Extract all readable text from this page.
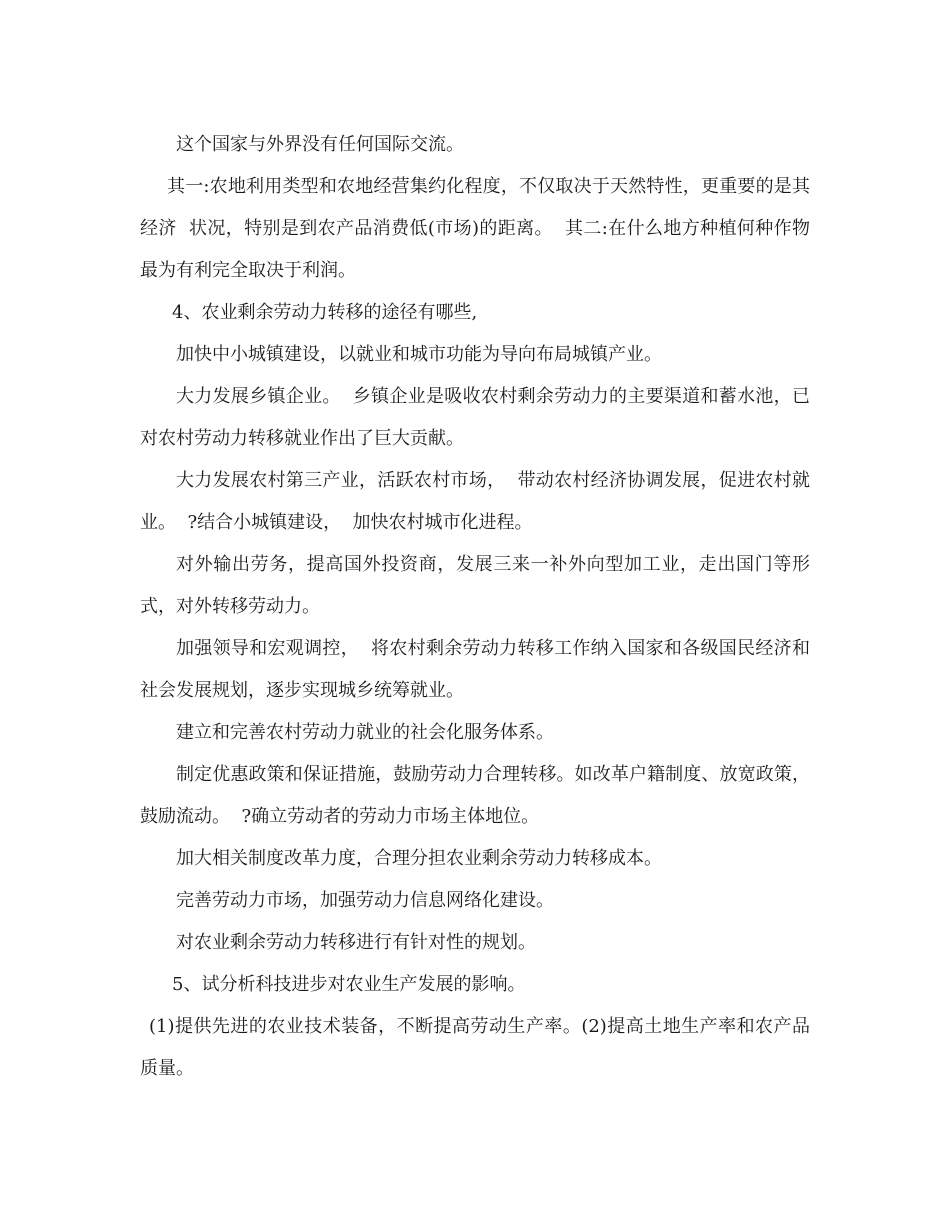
这个国家与外界没有任何国际交流。

其一:农地利用类型和农地经营集约化程度，不仅取决于天然特性，更重要的是其经济  状况，特别是到农产品消费低(市场)的距离。  其二:在什么地方种植何种作物最为有利完全取决于利润。

4、农业剩余劳动力转移的途径有哪些,

加快中小城镇建设，以就业和城市功能为导向布局城镇产业。

大力发展乡镇企业。  乡镇企业是吸收农村剩余劳动力的主要渠道和蓄水池，已对农村劳动力转移就业作出了巨大贡献。

大力发展农村第三产业，活跃农村市场，  带动农村经济协调发展，促进农村就业。  ?结合小城镇建设，  加快农村城市化进程。

对外输出劳务，提高国外投资商，发展三来一补外向型加工业，走出国门等形式，对外转移劳动力。

加强领导和宏观调控，  将农村剩余劳动力转移工作纳入国家和各级国民经济和社会发展规划，逐步实现城乡统筹就业。

建立和完善农村劳动力就业的社会化服务体系。

制定优惠政策和保证措施，鼓励劳动力合理转移。如改革户籍制度、放宽政策，鼓励流动。  ?确立劳动者的劳动力市场主体地位。

加大相关制度改革力度，合理分担农业剩余劳动力转移成本。

完善劳动力市场，加强劳动力信息网络化建设。

对农业剩余劳动力转移进行有针对性的规划。

5、试分析科技进步对农业生产发展的影响。

(1)提供先进的农业技术装备，不断提高劳动生产率。(2)提高土地生产率和农产品质量。
